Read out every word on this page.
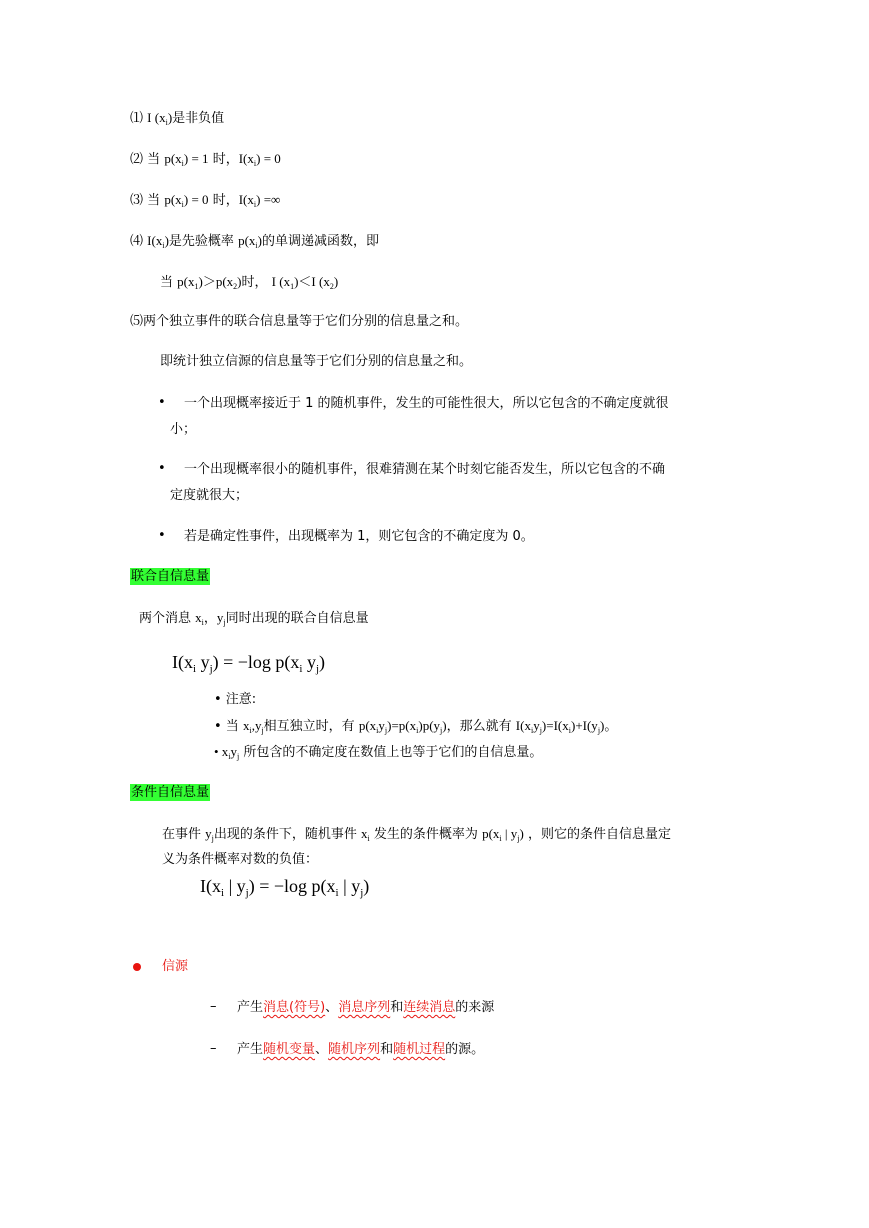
⑴ I $(x_i)$是非负值
⑵ 当 $p(x_i) = 1$ 时，$I(x_i) = 0$
⑶ 当 $p(x_i) = 0$ 时，$I(x_i)$ =∞
⑷ $I(x_i)$是先验概率 $p(x_i)$的单调递减函数，即
当 $p(x_1)>p(x_2)$时， I $(x_1)<I$ $(x_2)$
⑸两个独立事件的联合信息量等于它们分别的信息量之和。
即统计独立信源的信息量等于它们分别的信息量之和。
• 一个出现概率接近于 1 的随机事件，发生的可能性很大，所以它包含的不确定度就很
小；
• 一个出现概率很小的随机事件，很难猜测在某个时刻它能否发生，所以它包含的不确
定度就很大；
• 若是确定性事件，出现概率为 1，则它包含的不确定度为 0。
联合自信息量
两个消息 $x_i$，$y_j$同时出现的联合自信息量
$I(x_i$ $y_j) = -\log$ $p(x_i$ $y_j$)
• 注意:
• 当 $x_i,y_j$相互独立时，有 $p(x_iy_j)=p(x_i)p(y_j)$，那么就有 $I(x_iy_j)=I(x_i)+I(y_j)$。
• $x_iy_j$ 所包含的不确定度在数值上也等于它们的自信息量。
条件自信息量
在事件 $y_j$出现的条件下，随机事件 $x_i$ 发生的条件概率为 $p(x_i$ | $y_j$) ，则它的条件自信息量定
义为条件概率对数的负值：
$I(x_i$ | $y_j) = -\log$ $p(x_i$ | $y_j$)
信源
– 产生消息(符号)、消息序列和连续消息的来源
– 产生随机变量、随机序列和随机过程的源。
